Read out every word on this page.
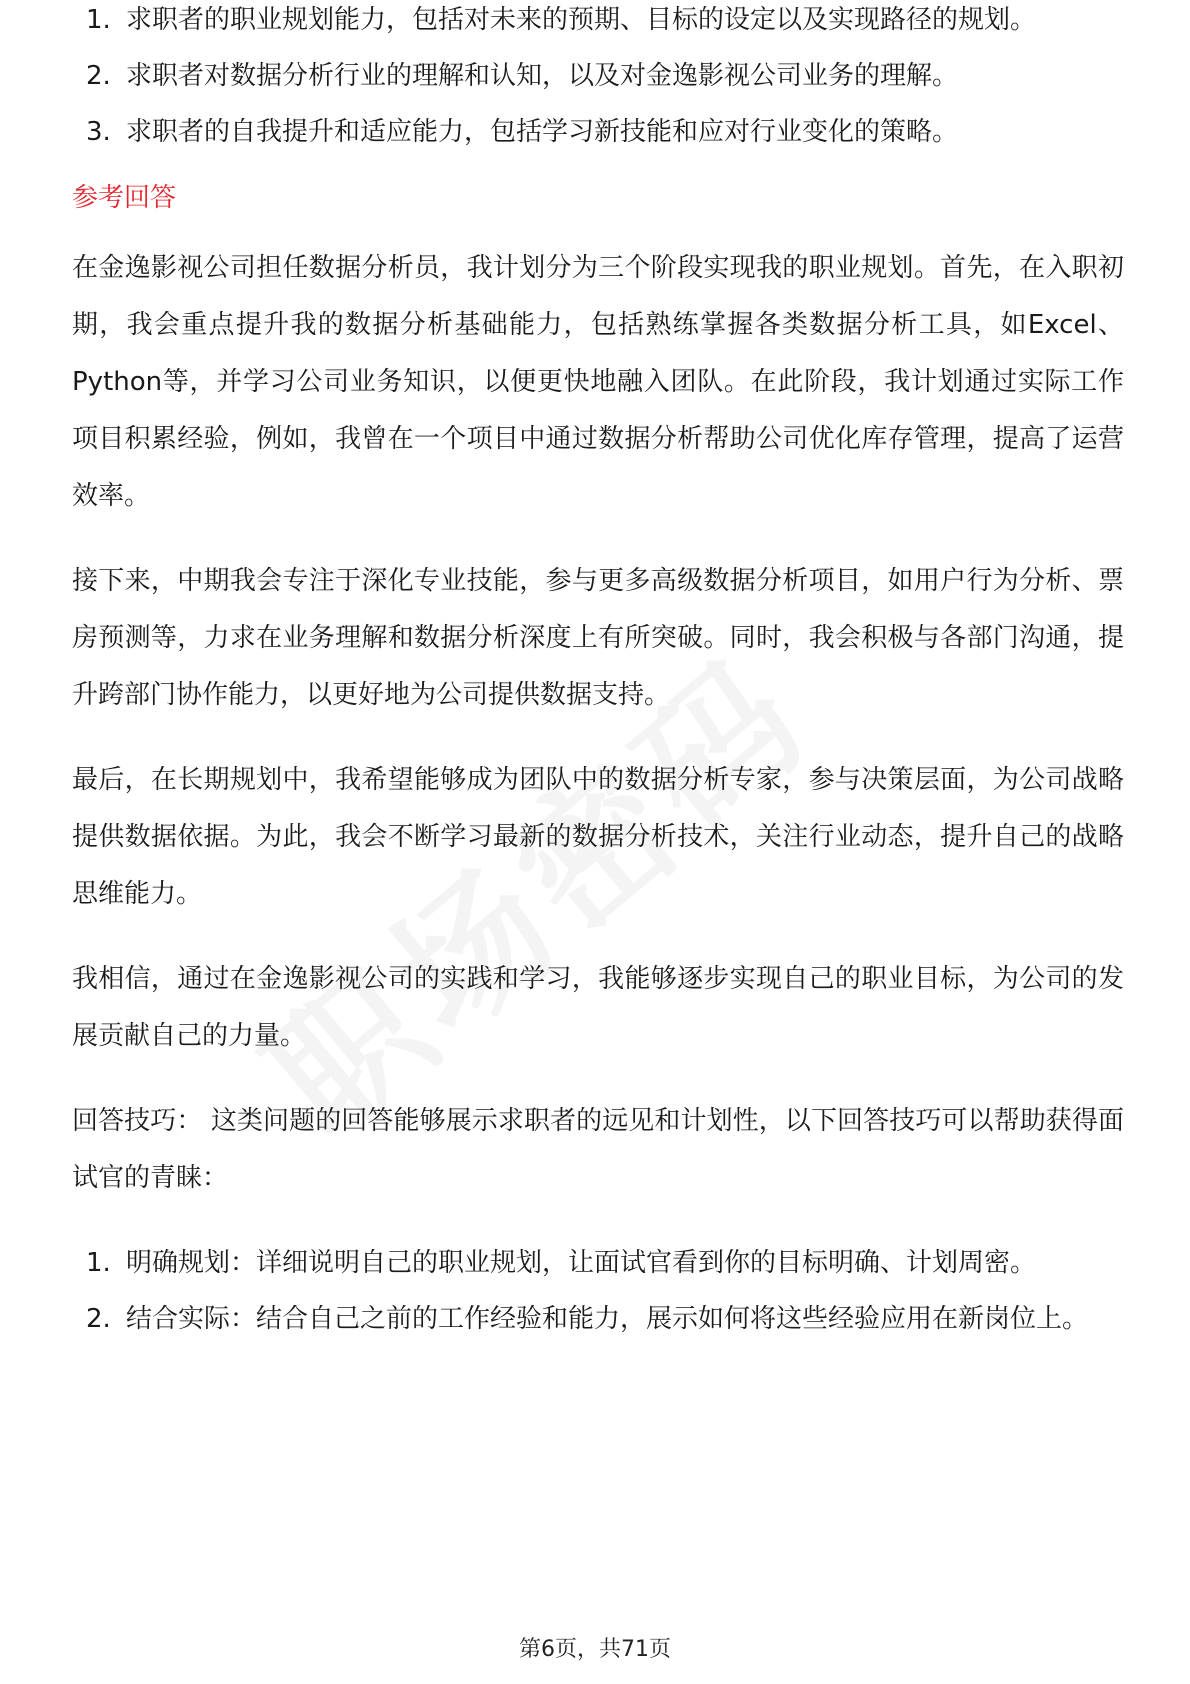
1. 求职者的职业规划能力，包括对未来的预期、目标的设定以及实现路径的规划。
2. 求职者对数据分析行业的理解和认知，以及对金逸影视公司业务的理解。
3. 求职者的自我提升和适应能力，包括学习新技能和应对行业变化的策略。
参考回答

在金逸影视公司担任数据分析员，我计划分为三个阶段实现我的职业规划。首先，在入职初期，我会重点提升我的数据分析基础能力，包括熟练掌握各类数据分析工具，如Excel、Python等，并学习公司业务知识，以便更快地融入团队。在此阶段，我计划通过实际工作项目积累经验，例如，我曾在一个项目中通过数据分析帮助公司优化库存管理，提高了运营效率。

接下来，中期我会专注于深化专业技能，参与更多高级数据分析项目，如用户行为分析、票房预测等，力求在业务理解和数据分析深度上有所突破。同时，我会积极与各部门沟通，提升跨部门协作能力，以更好地为公司提供数据支持。

最后，在长期规划中，我希望能够成为团队中的数据分析专家，参与决策层面，为公司战略提供数据依据。为此，我会不断学习最新的数据分析技术，关注行业动态，提升自己的战略思维能力。

我相信，通过在金逸影视公司的实践和学习，我能够逐步实现自己的职业目标，为公司的发展贡献自己的力量。

回答技巧： 这类问题的回答能够展示求职者的远见和计划性，以下回答技巧可以帮助获得面试官的青睐：

1. 明确规划：详细说明自己的职业规划，让面试官看到你的目标明确、计划周密。
2. 结合实际：结合自己之前的工作经验和能力，展示如何将这些经验应用在新岗位上。
第6页，共71页
